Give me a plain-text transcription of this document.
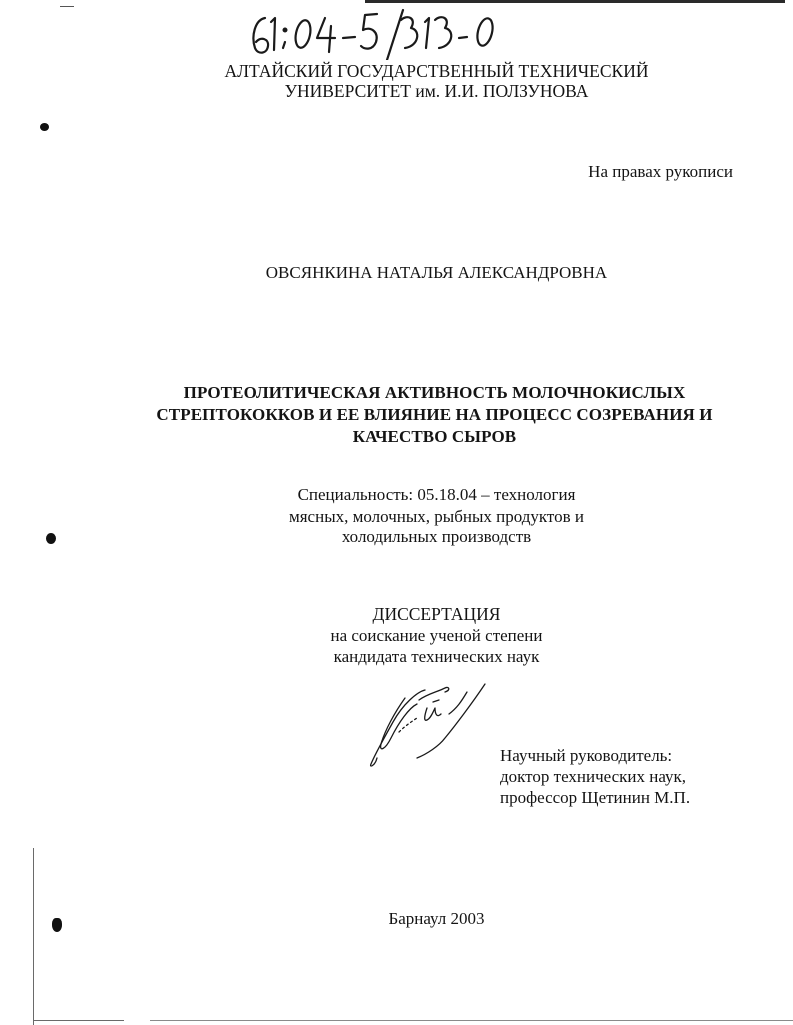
АЛТАЙСКИЙ ГОСУДАРСТВЕННЫЙ ТЕХНИЧЕСКИЙ
УНИВЕРСИТЕТ им. И.И. ПОЛЗУНОВА
На правах рукописи
ОВСЯНКИНА НАТАЛЬЯ АЛЕКСАНДРОВНА
ПРОТЕОЛИТИЧЕСКАЯ АКТИВНОСТЬ МОЛОЧНОКИСЛЫХ
СТРЕПТОКОККОВ И ЕЕ ВЛИЯНИЕ НА ПРОЦЕСС СОЗРЕВАНИЯ И
КАЧЕСТВО СЫРОВ
Специальность: 05.18.04 – технология
мясных, молочных, рыбных продуктов и
холодильных производств
ДИССЕРТАЦИЯ
на соискание ученой степени
кандидата технических наук
Научный руководитель:
доктор технических наук,
профессор Щетинин М.П.
Барнаул 2003
